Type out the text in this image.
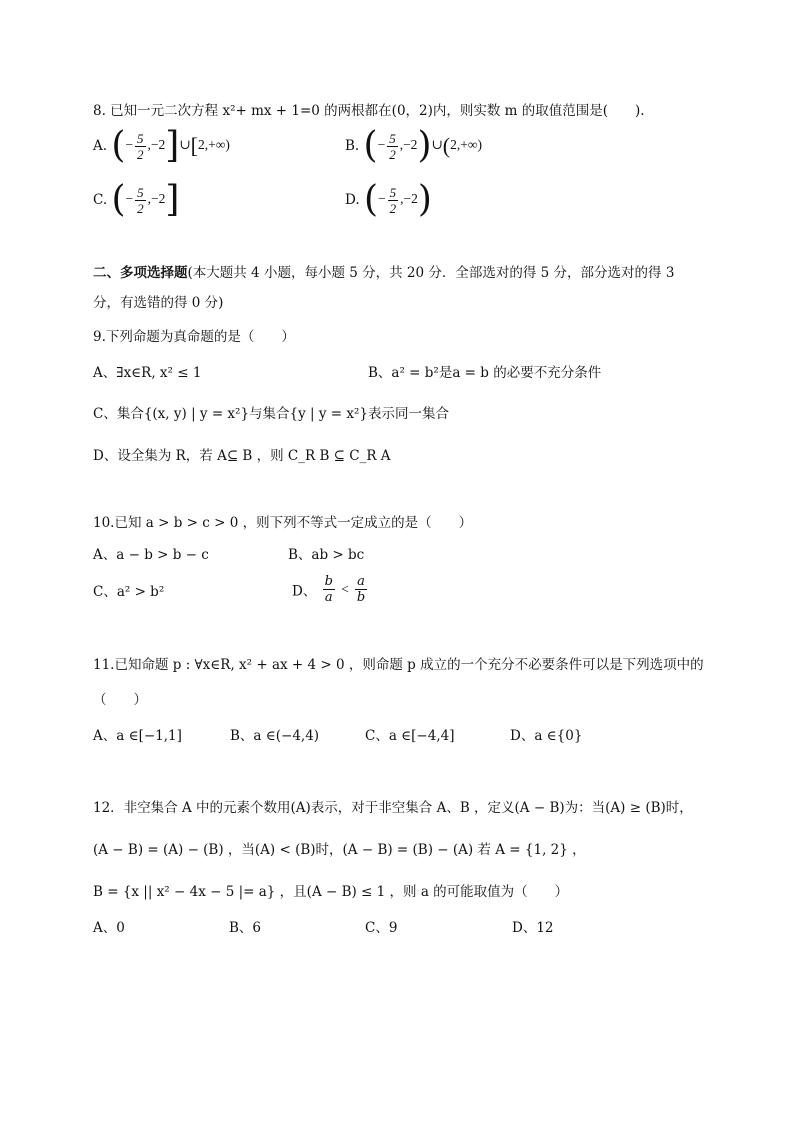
8. 已知一元二次方程 x²+ mx + 1=0 的两根都在(0，2)内，则实数 m 的取值范围是(　　).
A. (− $\frac{5}{2}$ ,−2]∪[2,+∞)	B. (− $\frac{5}{2}$ ,−2)∪(2,+∞)
C. (− $\frac{5}{2} ,-2$]	D. (− $\frac{5}{2} ,-2$)
二、多项选择题(本大题共 4 小题，每小题 5 分，共 20 分．全部选对的得 5 分，部分选对的得 3
分，有选错的得 0 分)
9.下列命题为真命题的是（　　）
A、∃x∈R, x² ≤ 1	B、a² = b²是a = b 的必要不充分条件
C、集合{(x, y) | y = x²}与集合{y | y = x²}表示同一集合
D、设全集为 R，若 A⊆ B ，则 C_R B ⊆ C_R A
10.已知 a > b > c > 0 ，则下列不等式一定成立的是（　　）
A、a − b > b − c	B、ab > bc
C、a² > b²	D、 $\frac{b}{a} < \frac{a}{b}$
11.已知命题 p : ∀x∈R, x² + ax + 4 > 0 ，则命题 p 成立的一个充分不必要条件可以是下列选项中的
（　　）
A、a ∈[−1,1]	B、a ∈(−4,4)	C、a ∈[−4,4]	D、a ∈{0}
12．非空集合 A 中的元素个数用(A)表示，对于非空集合 A、B ，定义(A − B)为：当(A) ≥ (B)时，
(A − B) = (A) − (B) ，当(A) < (B)时，(A − B) = (B) − (A) 若 A = {1, 2} ，
B = {x || x² − 4x − 5 |= a} ，且(A − B) ≤ 1 ，则 a 的可能取值为（　　）
A、0	B、6	C、9	D、12
